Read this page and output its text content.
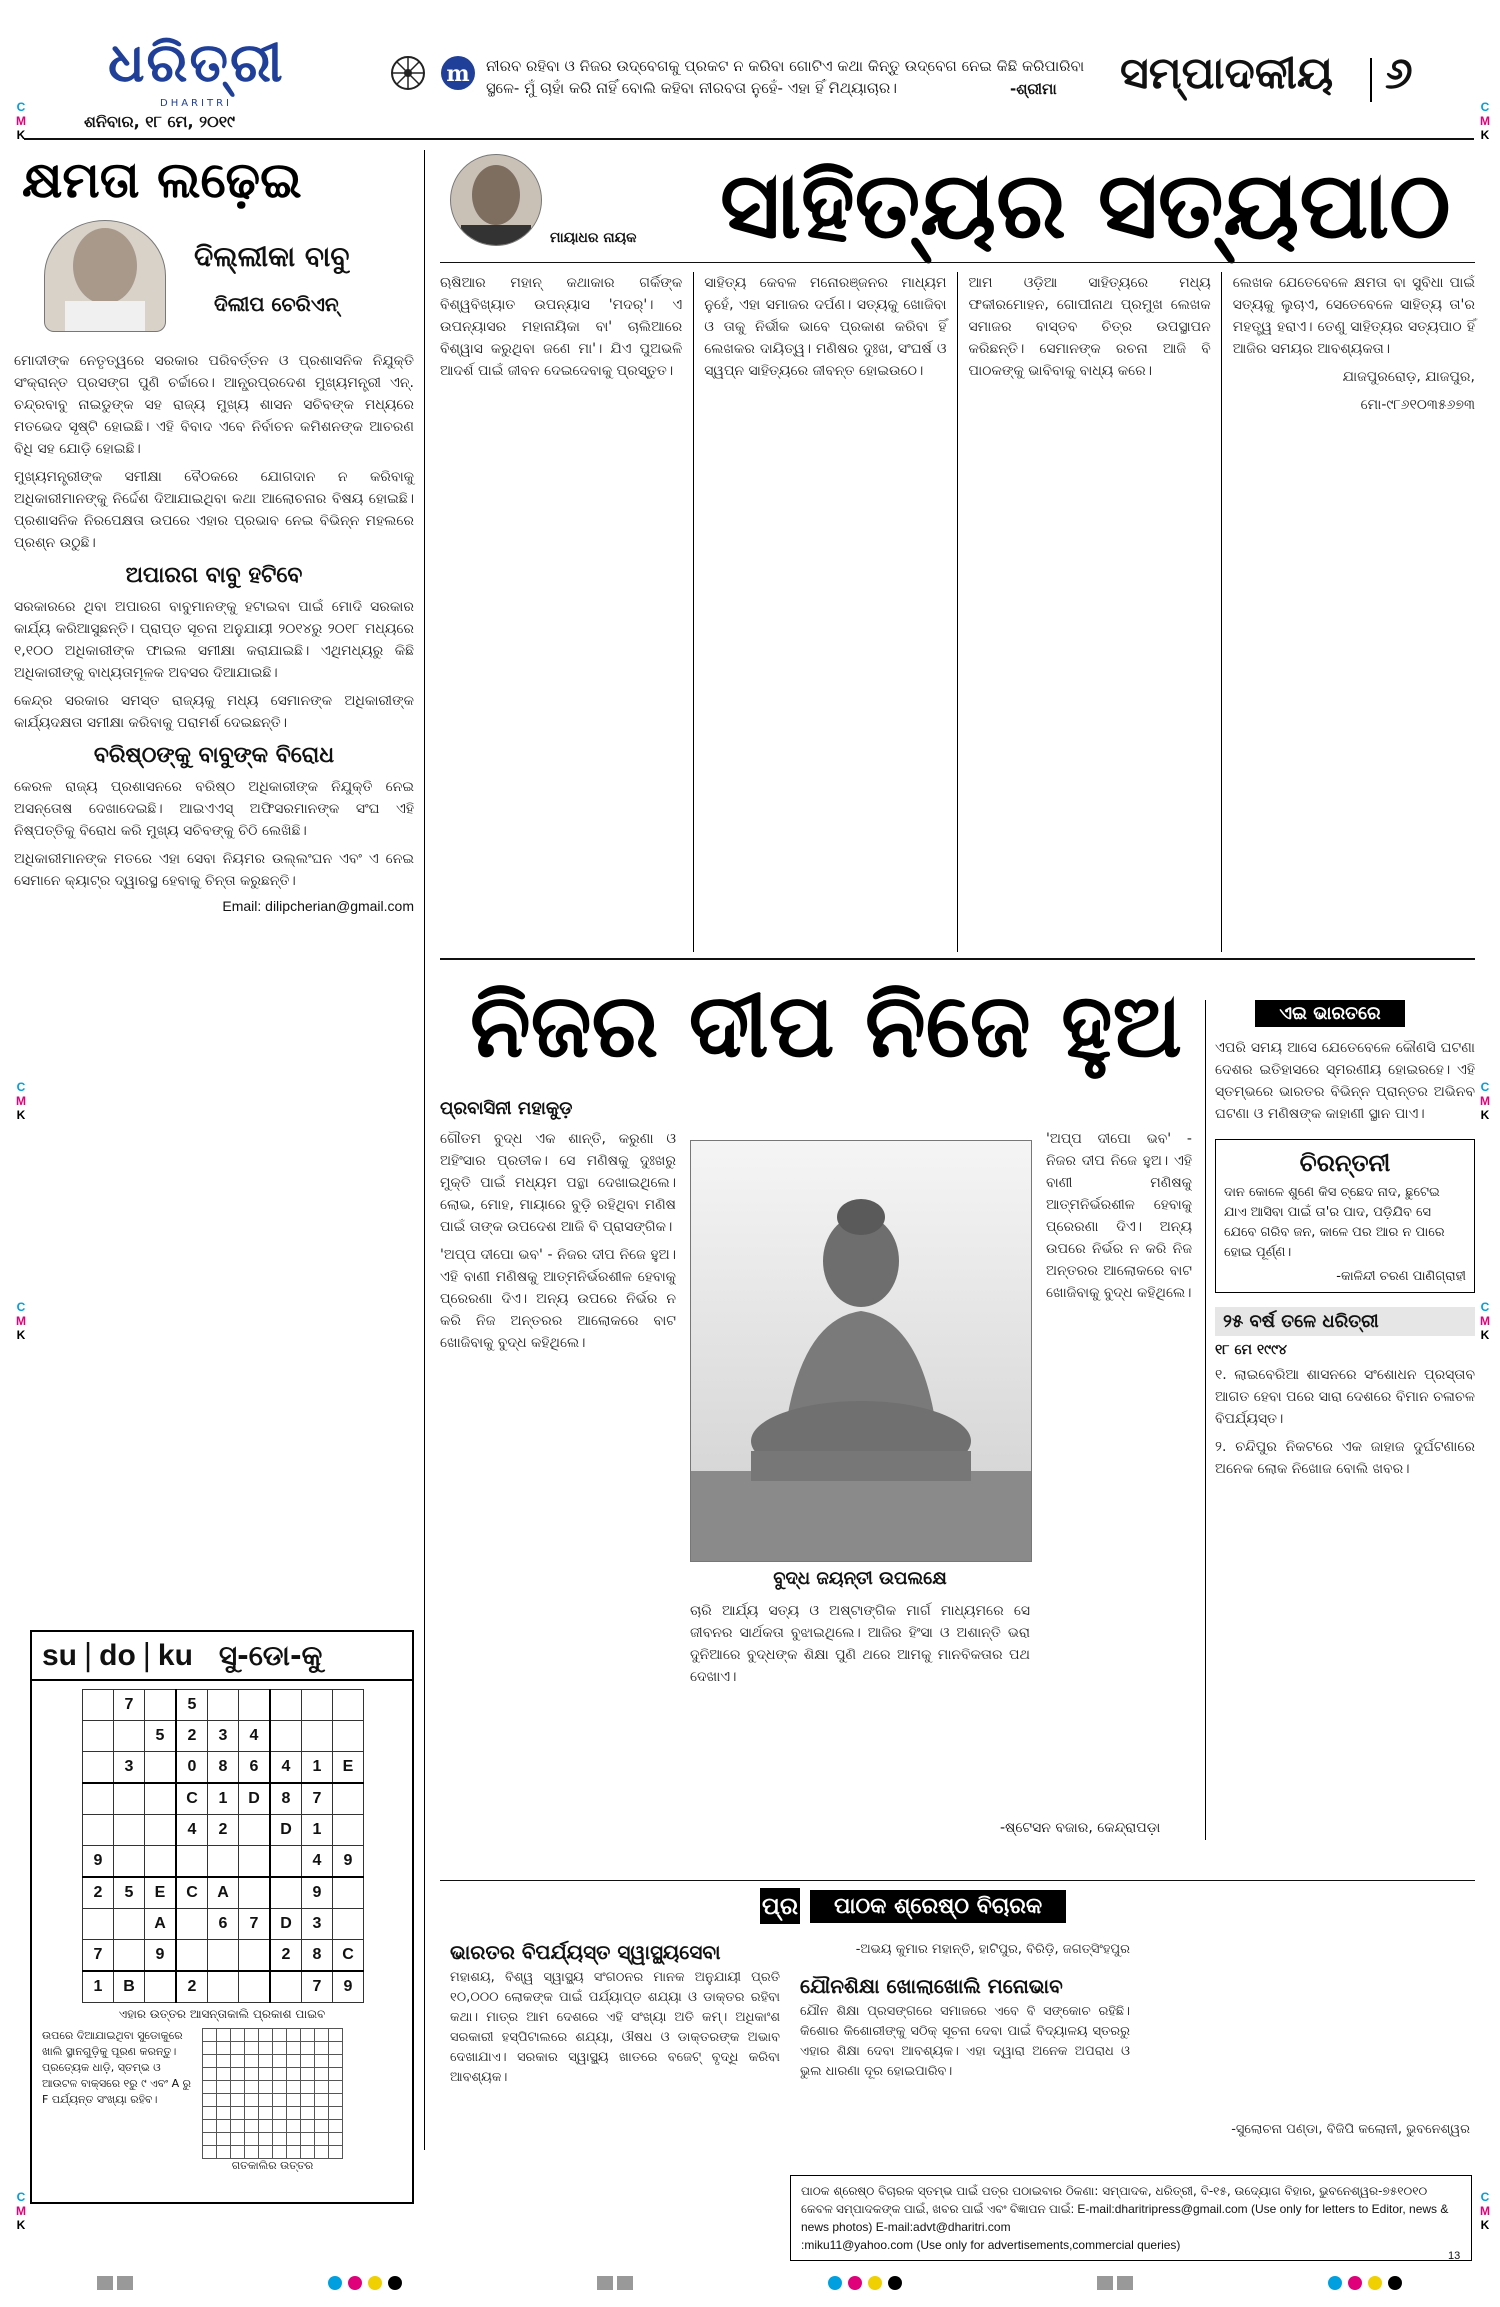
ଧରିତ୍ରୀ
DHARITRI
ଶନିବାର, ୧୮ ମେ, ୨୦୧୯
m ନୀରବ ରହିବା ଓ ନିଜର ଉଦ୍‌ବେଗକୁ ପ୍ରକଟ ନ କରିବା ଗୋଟିଏ କଥା କିନ୍ତୁ ଉଦ୍‌ବେଗ ନେଇ କିଛି କରିପାରିବା ସ୍ଥଳେ- ମୁଁ ଚାହାଁ କରି ନାହିଁ ବୋଲି କହିବା ନୀରବତା ନୁହେଁ- ଏହା ହିଁ ମିଥ୍ୟାଚାର।	-ଶ୍ରୀମା ସମ୍ପାଦକୀୟ ୬
କ୍ଷମତା ଲଢ଼େଇ
ଦିଲ୍ଲୀକା ବାବୁ
ଦିଲୀପ ଚେରିଏନ୍‌

ମୋଦୀଙ୍କ ନେତୃତ୍ୱରେ ସରକାର ପରିବର୍ତ୍ତନ ଓ ପ୍ରଶାସନିକ ନିଯୁକ୍ତି ସଂକ୍ରାନ୍ତ ପ୍ରସଙ୍ଗ ପୁଣି ଚର୍ଚ୍ଚାରେ। ଆନ୍ଧ୍ରପ୍ରଦେଶ ମୁଖ୍ୟମନ୍ତ୍ରୀ ଏନ୍‌. ଚନ୍ଦ୍ରବାବୁ ନାଇଡୁଙ୍କ ସହ ରାଜ୍ୟ ମୁଖ୍ୟ ଶାସନ ସଚିବଙ୍କ ମଧ୍ୟରେ ମତଭେଦ ସୃଷ୍ଟି ହୋଇଛି। ଏହି ବିବାଦ ଏବେ ନିର୍ବାଚନ କମିଶନଙ୍କ ଆଚରଣ ବିଧି ସହ ଯୋଡ଼ି ହୋଇଛି।

ମୁଖ୍ୟମନ୍ତ୍ରୀଙ୍କ ସମୀକ୍ଷା ବୈଠକରେ ଯୋଗଦାନ ନ କରିବାକୁ ଅଧିକାରୀମାନଙ୍କୁ ନିର୍ଦ୍ଦେଶ ଦିଆଯାଇଥିବା କଥା ଆଲୋଚନାର ବିଷୟ ହୋଇଛି। ପ୍ରଶାସନିକ ନିରପେକ୍ଷତା ଉପରେ ଏହାର ପ୍ରଭାବ ନେଇ ବିଭିନ୍ନ ମହଲରେ ପ୍ରଶ୍ନ ଉଠୁଛି।

ଅପାରଗ ବାବୁ ହଟିବେ

ସରକାରରେ ଥିବା ଅପାରଗ ବାବୁମାନଙ୍କୁ ହଟାଇବା ପାଇଁ ମୋଦି ସରକାର କାର୍ଯ୍ୟ କରିଆସୁଛନ୍ତି। ପ୍ରାପ୍ତ ସୂଚନା ଅନୁଯାୟୀ ୨୦୧୪ରୁ ୨୦୧୮ ମଧ୍ୟରେ ୧,୧୦୦ ଅଧିକାରୀଙ୍କ ଫାଇଲ ସମୀକ୍ଷା କରାଯାଇଛି। ଏଥିମଧ୍ୟରୁ କିଛି ଅଧିକାରୀଙ୍କୁ ବାଧ୍ୟତାମୂଳକ ଅବସର ଦିଆଯାଇଛି।

କେନ୍ଦ୍ର ସରକାର ସମସ୍ତ ରାଜ୍ୟକୁ ମଧ୍ୟ ସେମାନଙ୍କ ଅଧିକାରୀଙ୍କ କାର୍ଯ୍ୟଦକ୍ଷତା ସମୀକ୍ଷା କରିବାକୁ ପରାମର୍ଶ ଦେଇଛନ୍ତି।

ବରିଷ୍ଠଙ୍କୁ ବାବୁଙ୍କ ବିରୋଧ

କେରଳ ରାଜ୍ୟ ପ୍ରଶାସନରେ ବରିଷ୍ଠ ଅଧିକାରୀଙ୍କ ନିଯୁକ୍ତି ନେଇ ଅସନ୍ତୋଷ ଦେଖାଦେଇଛି। ଆଇଏଏସ୍‌ ଅଫିସରମାନଙ୍କ ସଂଘ ଏହି ନିଷ୍ପତ୍ତିକୁ ବିରୋଧ କରି ମୁଖ୍ୟ ସଚିବଙ୍କୁ ଚିଠି ଲେଖିଛି।

ଅଧିକାରୀମାନଙ୍କ ମତରେ ଏହା ସେବା ନିୟମର ଉଲ୍ଲଂଘନ ଏବଂ ଏ ନେଇ ସେମାନେ କ୍ୟାଟ୍‌ର ଦ୍ୱାରସ୍ଥ ହେବାକୁ ଚିନ୍ତା କରୁଛନ୍ତି।

Email: dilipcherian@gmail.com
su | do | ku ସୁ-ଡୋ-କୁ
	7		5					
		5	2	3	4			
	3		0	8	6	4	1	E
			C	1	D	8	7	
			4	2		D	1	
9							4	9
2	5	E	C	A			9	
		A		6	7	D	3	
7		9				2	8	C
1	B		2				7	9
ଏହାର ଉତ୍ତର ଆସନ୍ତାକାଲି ପ୍ରକାଶ ପାଇବ
ଉପରେ ଦିଆଯାଇଥିବା ସୁଡୋକୁରେ ଖାଲି ସ୍ଥାନଗୁଡ଼ିକୁ ପୂରଣ କରନ୍ତୁ। ପ୍ରତ୍ୟେକ ଧାଡ଼ି, ସ୍ତମ୍ଭ ଓ ଆଉଟଳ ବାକ୍ସରେ ୧ରୁ ୯ ଏବଂ A ରୁ F ପର୍ଯ୍ୟନ୍ତ ସଂଖ୍ୟା ରହିବ।

ଗତକାଲିର ଉତ୍ତର
ମାୟାଧର ନାୟକ ସାହିତ୍ୟର ସତ୍ୟପାଠ

ଋଷିଆର ମହାନ୍‌ କଥାକାର ଗର୍କିଙ୍କ ବିଶ୍ୱବିଖ୍ୟାତ ଉପନ୍ୟାସ 'ମଦର୍‌'। ଏ ଉପନ୍ୟାସର ମହାନାୟିକା ବା' ଚାଲିଆରେ ବିଶ୍ୱାସ କରୁଥିବା ଜଣେ ମା'। ଯିଏ ପୁଅଭଳି ଆଦର୍ଶ ପାଇଁ ଜୀବନ ଦେଇଦେବାକୁ ପ୍ରସ୍ତୁତ।

ସାହିତ୍ୟ କେବଳ ମନୋରଞ୍ଜନର ମାଧ୍ୟମ ନୁହେଁ, ଏହା ସମାଜର ଦର୍ପଣ। ସତ୍ୟକୁ ଖୋଜିବା ଓ ତାକୁ ନିର୍ଭୀକ ଭାବେ ପ୍ରକାଶ କରିବା ହିଁ ଲେଖକର ଦାୟିତ୍ୱ। ମଣିଷର ଦୁଃଖ, ସଂଘର୍ଷ ଓ ସ୍ୱପ୍ନ ସାହିତ୍ୟରେ ଜୀବନ୍ତ ହୋଇଉଠେ।

ଆମ ଓଡ଼ିଆ ସାହିତ୍ୟରେ ମଧ୍ୟ ଫକୀରମୋହନ, ଗୋପୀନାଥ ପ୍ରମୁଖ ଲେଖକ ସମାଜର ବାସ୍ତବ ଚିତ୍ର ଉପସ୍ଥାପନ କରିଛନ୍ତି। ସେମାନଙ୍କ ରଚନା ଆଜି ବି ପାଠକଙ୍କୁ ଭାବିବାକୁ ବାଧ୍ୟ କରେ।

ଲେଖକ ଯେତେବେଳେ କ୍ଷମତା ବା ସୁବିଧା ପାଇଁ ସତ୍ୟକୁ ଲୁଚାଏ, ସେତେବେଳେ ସାହିତ୍ୟ ତା'ର ମହତ୍ତ୍ୱ ହରାଏ। ତେଣୁ ସାହିତ୍ୟର ସତ୍ୟପାଠ ହିଁ ଆଜିର ସମୟର ଆବଶ୍ୟକତା।

ଯାଜପୁରରୋଡ଼, ଯାଜପୁର,

ମୋ-୯୮୬୧୦୩୫୬୭୩

ନିଜର ଦୀପ ନିଜେ ହୁଅ
ପ୍ରବାସିନୀ ମହାକୁଡ଼

ଗୌତମ ବୁଦ୍ଧ ଏକ ଶାନ୍ତି, କରୁଣା ଓ ଅହିଂସାର ପ୍ରତୀକ। ସେ ମଣିଷକୁ ଦୁଃଖରୁ ମୁକ୍ତି ପାଇଁ ମଧ୍ୟମ ପନ୍ଥା ଦେଖାଇଥିଲେ। ଲୋଭ, ମୋହ, ମାୟାରେ ବୁଡ଼ି ରହିଥିବା ମଣିଷ ପାଇଁ ତାଙ୍କ ଉପଦେଶ ଆଜି ବି ପ୍ରାସଙ୍ଗିକ।

'ଅପ୍‌ପ ଦୀପୋ ଭବ' - ନିଜର ଦୀପ ନିଜେ ହୁଅ। ଏହି ବାଣୀ ମଣିଷକୁ ଆତ୍ମନିର୍ଭରଶୀଳ ହେବାକୁ ପ୍ରେରଣା ଦିଏ। ଅନ୍ୟ ଉପରେ ନିର୍ଭର ନ କରି ନିଜ ଅନ୍ତରର ଆଲୋକରେ ବାଟ ଖୋଜିବାକୁ ବୁଦ୍ଧ କହିଥିଲେ।

ବୁଦ୍ଧ ଜୟନ୍ତୀ ଉପଲକ୍ଷେ

ଚାରି ଆର୍ଯ୍ୟ ସତ୍ୟ ଓ ଅଷ୍ଟାଙ୍ଗିକ ମାର୍ଗ ମାଧ୍ୟମରେ ସେ ଜୀବନର ସାର୍ଥକତା ବୁଝାଇଥିଲେ। ଆଜିର ହିଂସା ଓ ଅଶାନ୍ତି ଭରା ଦୁନିଆରେ ବୁଦ୍ଧଙ୍କ ଶିକ୍ଷା ପୁଣି ଥରେ ଆମକୁ ମାନବିକତାର ପଥ ଦେଖାଏ।

'ଅପ୍‌ପ ଦୀପୋ ଭବ' - ନିଜର ଦୀପ ନିଜେ ହୁଅ। ଏହି ବାଣୀ ମଣିଷକୁ ଆତ୍ମନିର୍ଭରଶୀଳ ହେବାକୁ ପ୍ରେରଣା ଦିଏ। ଅନ୍ୟ ଉପରେ ନିର୍ଭର ନ କରି ନିଜ ଅନ୍ତରର ଆଲୋକରେ ବାଟ ଖୋଜିବାକୁ ବୁଦ୍ଧ କହିଥିଲେ।

-ଷ୍ଟେସନ ବଜାର, କେନ୍ଦ୍ରାପଡ଼ା
ଏଇ ଭାରତରେ
ଏପରି ସମୟ ଆସେ ଯେତେବେଳେ କୌଣସି ଘଟଣା ଦେଶର ଇତିହାସରେ ସ୍ମରଣୀୟ ହୋଇରହେ। ଏହି ସ୍ତମ୍ଭରେ ଭାରତର ବିଭିନ୍ନ ପ୍ରାନ୍ତର ଅଭିନବ ଘଟଣା ଓ ମଣିଷଙ୍କ କାହାଣୀ ସ୍ଥାନ ପାଏ।
ଚିରନ୍ତନୀ
ଦାନ କୋଳେ ଶୁଣେ କିସ ଚ୍ଛେଦ ନାଦ, ଛୁଟେଇ ଯାଏ ଆସିବା ପାଇଁ ତା'ର ପାଦ, ପଡ଼ିଯିବ ସେ ଯେବେ ଗରିବ ଜନ, କାଳେ ପର ଆର ନ ପାରେ ହୋଇ ପୂର୍ଣ୍ଣ।
-କାଳିନ୍ଦୀ ଚରଣ ପାଣିଗ୍ରାହୀ
୨୫ ବର୍ଷ ତଳେ ଧରିତ୍ରୀ
୧୮ ମେ ୧୯୯୪
୧. ଲାଇବେରିଆ ଶାସନରେ ସଂଶୋଧନ ପ୍ରସ୍ତାବ ଆଗତ ହେବା ପରେ ସାରା ଦେଶରେ ବିମାନ ଚଳାଚଳ ବିପର୍ଯ୍ୟସ୍ତ।
୨. ଚନ୍ଦିପୁର ନିକଟରେ ଏକ ଜାହାଜ ଦୁର୍ଘଟଣାରେ ଅନେକ ଲୋକ ନିଖୋଜ ବୋଲି ଖବର।
ପ୍ର	ପାଠକ ଶ୍ରେଷ୍ଠ ବିଚାରକ
ଭାରତର ବିପର୍ଯ୍ୟସ୍ତ ସ୍ୱାସ୍ଥ୍ୟସେବା
ମହାଶୟ, ବିଶ୍ୱ ସ୍ୱାସ୍ଥ୍ୟ ସଂଗଠନର ମାନକ ଅନୁଯାୟୀ ପ୍ରତି ୧୦,୦୦୦ ଲୋକଙ୍କ ପାଇଁ ପର୍ଯ୍ୟାପ୍ତ ଶଯ୍ୟା ଓ ଡାକ୍ତର ରହିବା କଥା। ମାତ୍ର ଆମ ଦେଶରେ ଏହି ସଂଖ୍ୟା ଅତି କମ୍‌। ଅଧିକାଂଶ ସରକାରୀ ହସ୍ପିଟାଲରେ ଶଯ୍ୟା, ଔଷଧ ଓ ଡାକ୍ତରଙ୍କ ଅଭାବ ଦେଖାଯାଏ। ସରକାର ସ୍ୱାସ୍ଥ୍ୟ ଖାତରେ ବଜେଟ୍‌ ବୃଦ୍ଧି କରିବା ଆବଶ୍ୟକ।
-ଅଭୟ କୁମାର ମହାନ୍ତି, ହାଟିପୁର, ବିରିଡ଼ି, ଜଗତ୍‌ସିଂହପୁର
ଯୌନଶିକ୍ଷା ଖୋଲାଖୋଲି ମନୋଭାବ
ଯୌନ ଶିକ୍ଷା ପ୍ରସଙ୍ଗରେ ସମାଜରେ ଏବେ ବି ସଙ୍କୋଚ ରହିଛି। କିଶୋର କିଶୋରୀଙ୍କୁ ସଠିକ୍‌ ସୂଚନା ଦେବା ପାଇଁ ବିଦ୍ୟାଳୟ ସ୍ତରରୁ ଏହାର ଶିକ୍ଷା ଦେବା ଆବଶ୍ୟକ। ଏହା ଦ୍ୱାରା ଅନେକ ଅପରାଧ ଓ ଭୁଲ ଧାରଣା ଦୂର ହୋଇପାରିବ।
-ସୁଲୋଚନା ପଣ୍ଡା, ବିଜିପି କଲୋନୀ, ଭୁବନେଶ୍ୱର
ପାଠକ ଶ୍ରେଷ୍ଠ ବିଚାରକ ସ୍ତମ୍ଭ ପାଇଁ ପତ୍ର ପଠାଇବାର ଠିକଣା: ସମ୍ପାଦକ, ଧରିତ୍ରୀ, ବି-୧୫, ଉଦ୍ୟୋଗ ବିହାର, ଭୁବନେଶ୍ୱର-୭୫୧୦୧୦
କେବଳ ସମ୍ପାଦକଙ୍କ ପାଇଁ, ଖବର ପାଇଁ ଏବଂ ବିଜ୍ଞାପନ ପାଇଁ: E-mail:dharitripress@gmail.com (Use only for letters to Editor, news & news photos) E-mail:advt@dharitri.com
:miku11@yahoo.com (Use only for advertisements,commercial queries)
C
M
K
C
M
K
C
M
K
C
M
K
C
M
K
C
M
K
C
M
K
C
M
K
13
